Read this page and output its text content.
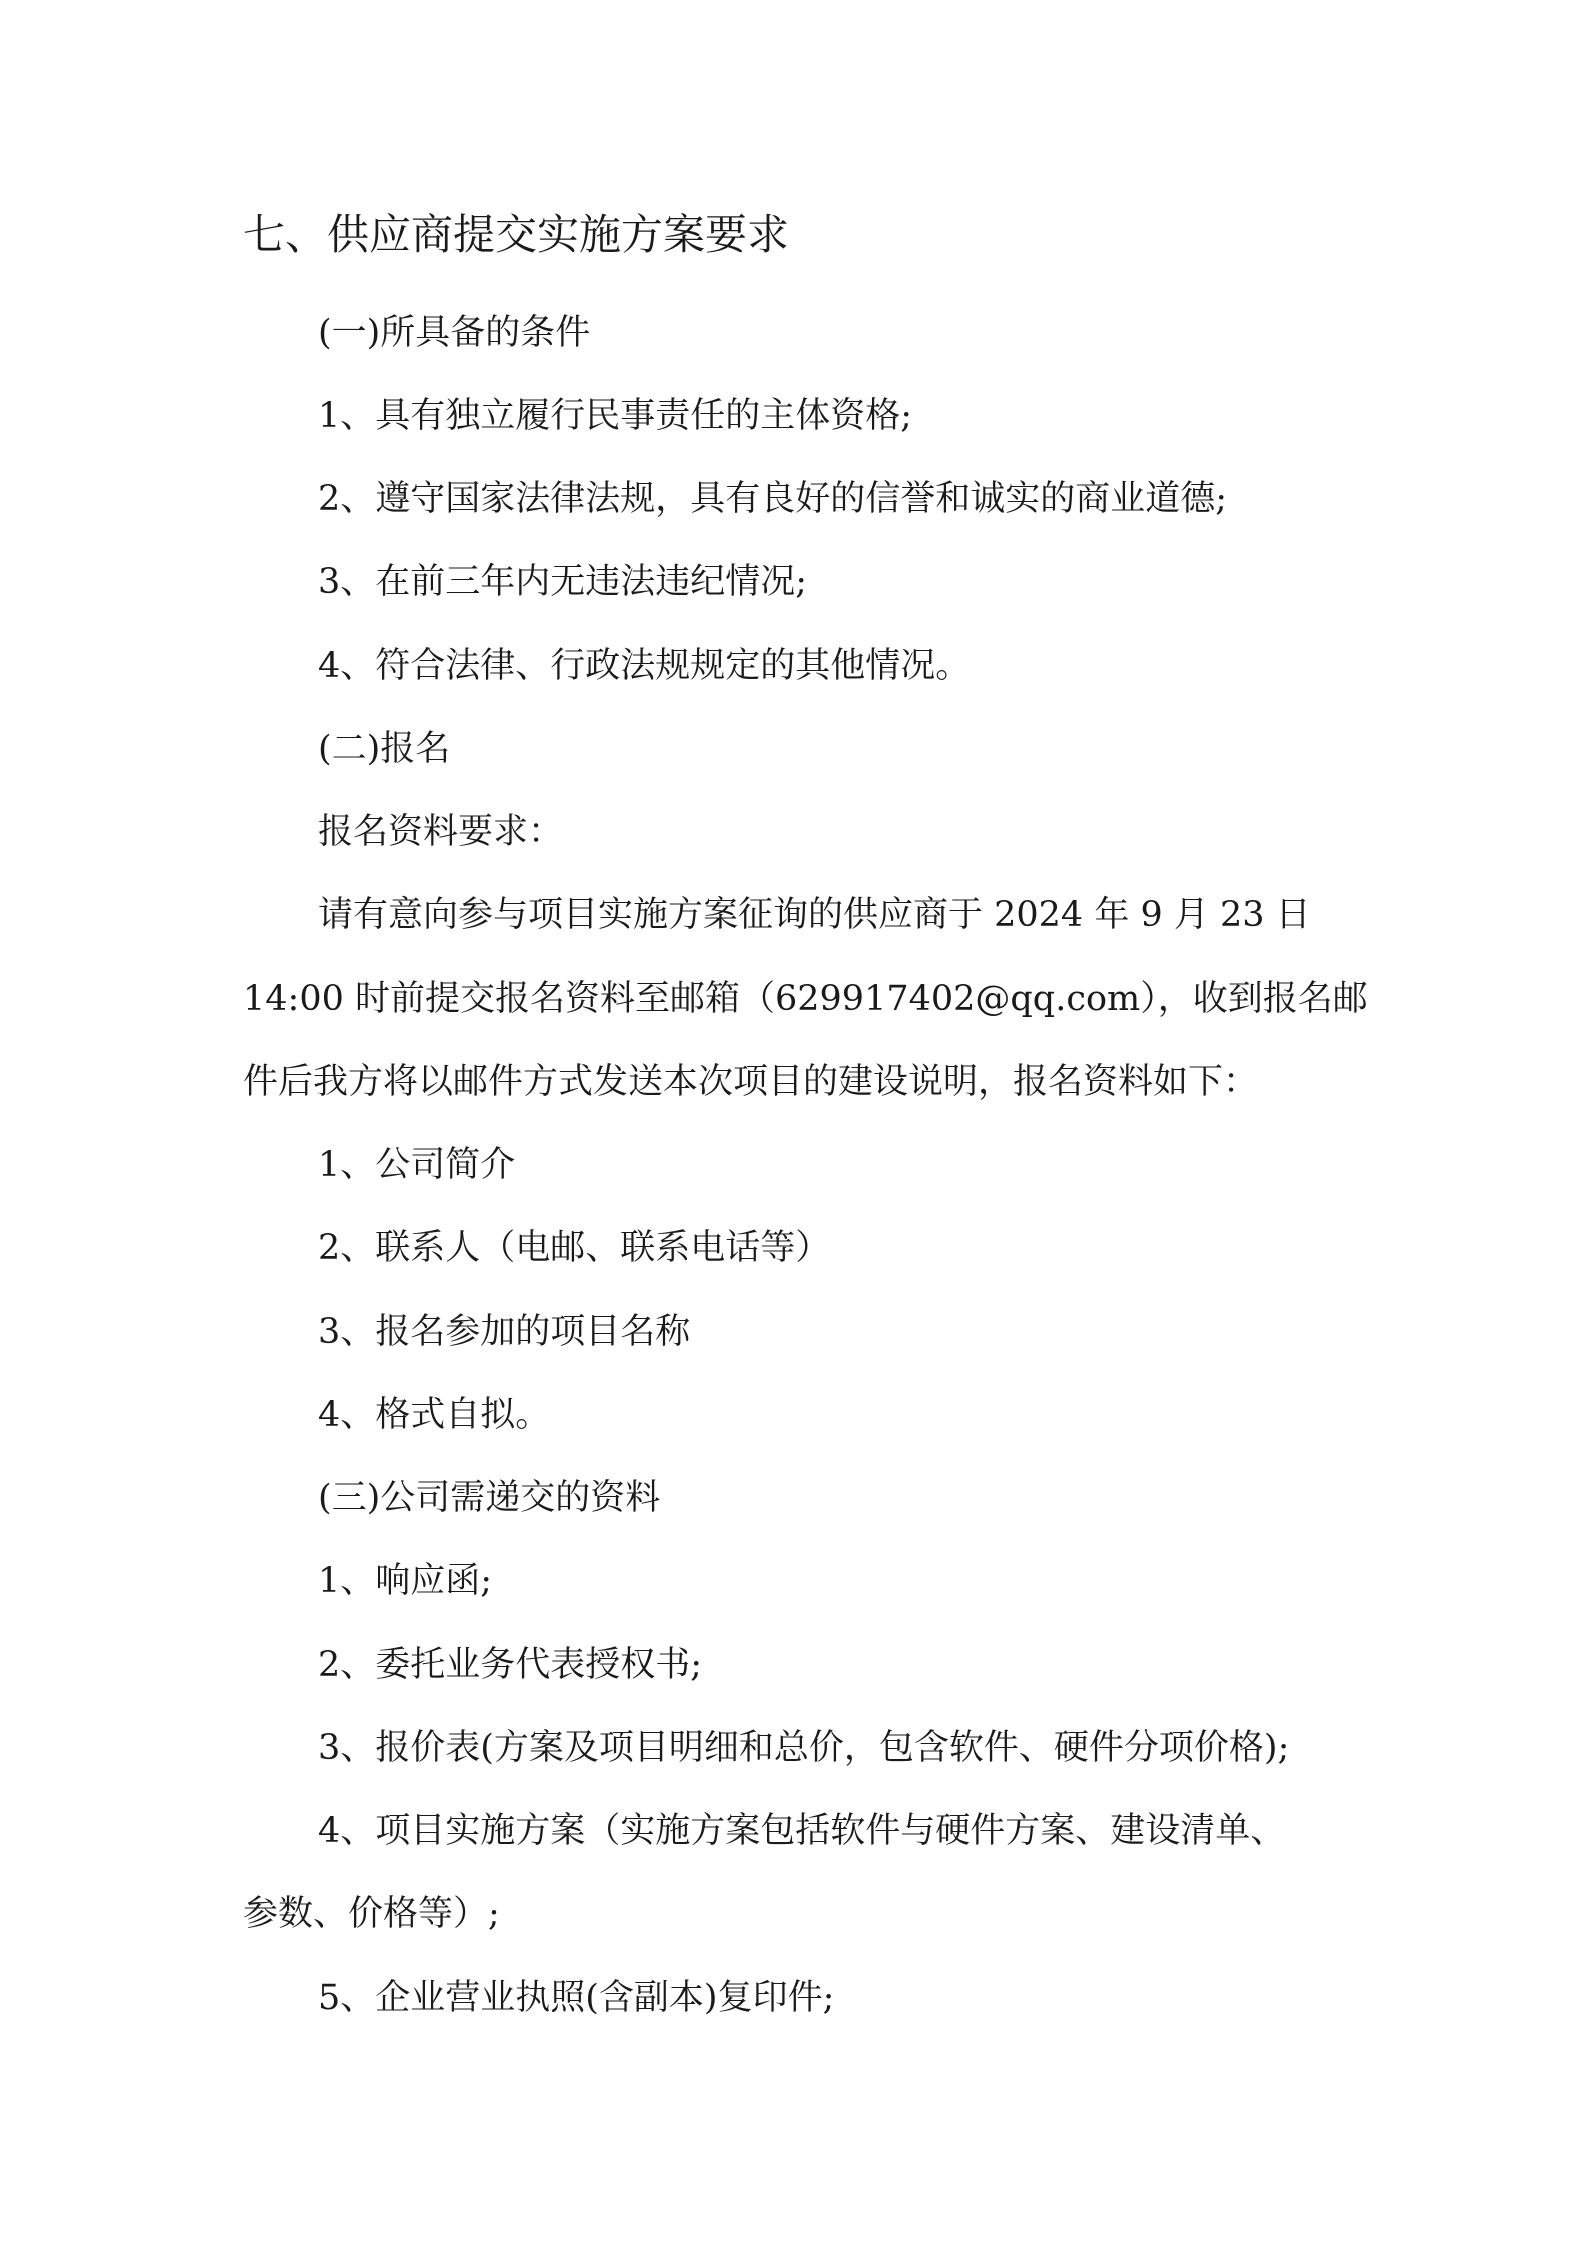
七、供应商提交实施方案要求
(一)所具备的条件
1、具有独立履行民事责任的主体资格;
2、遵守国家法律法规，具有良好的信誉和诚实的商业道德;
3、在前三年内无违法违纪情况;
4、符合法律、行政法规规定的其他情况。
(二)报名
报名资料要求：
请有意向参与项目实施方案征询的供应商于 2024 年 9 月 23 日
14:00 时前提交报名资料至邮箱（629917402@qq.com），收到报名邮
件后我方将以邮件方式发送本次项目的建设说明，报名资料如下：
1、公司简介
2、联系人（电邮、联系电话等）
3、报名参加的项目名称
4、格式自拟。
(三)公司需递交的资料
1、响应函;
2、委托业务代表授权书;
3、报价表(方案及项目明细和总价，包含软件、硬件分项价格);
4、项目实施方案（实施方案包括软件与硬件方案、建设清单、
参数、价格等）;
5、企业营业执照(含副本)复印件;
